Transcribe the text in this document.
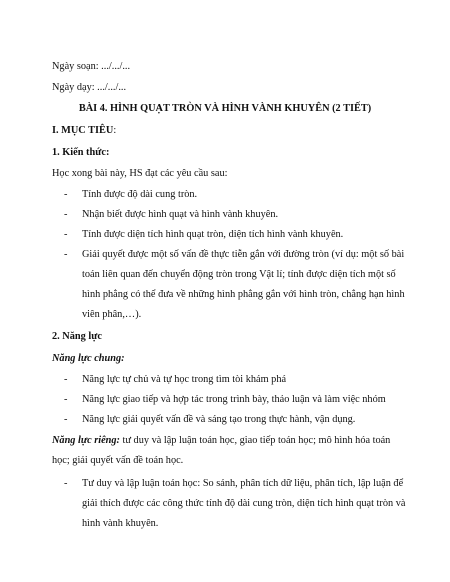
Ngày soạn: .../.../...
Ngày dạy: .../.../...
BÀI 4. HÌNH QUẠT TRÒN VÀ HÌNH VÀNH KHUYÊN (2 TIẾT)
I. MỤC TIÊU:
1. Kiến thức:
Học xong bài này, HS đạt các yêu cầu sau:
- Tính được độ dài cung tròn.
- Nhận biết được hình quạt và hình vành khuyên.
- Tính được diện tích hình quạt tròn, diện tích hình vành khuyên.
- Giải quyết được một số vấn đề thực tiễn gắn với đường tròn (ví dụ: một số bài
toán liên quan đến chuyển động tròn trong Vật lí; tính được diện tích một số
hình phẳng có thể đưa về những hình phẳng gắn với hình tròn, chẳng hạn hình
viên phân,…).
2. Năng lực
Năng lực chung:
- Năng lực tự chủ và tự học trong tìm tòi khám phá
- Năng lực giao tiếp và hợp tác trong trình bày, thảo luận và làm việc nhóm
- Năng lực giải quyết vấn đề và sáng tạo trong thực hành, vận dụng.
Năng lực riêng: tư duy và lập luận toán học, giao tiếp toán học; mô hình hóa toán
học; giải quyết vấn đề toán học.
- Tư duy và lập luận toán học: So sánh, phân tích dữ liệu, phân tích, lập luận để
giải thích được các công thức tính độ dài cung tròn, diện tích hình quạt tròn và
hình vành khuyên.
